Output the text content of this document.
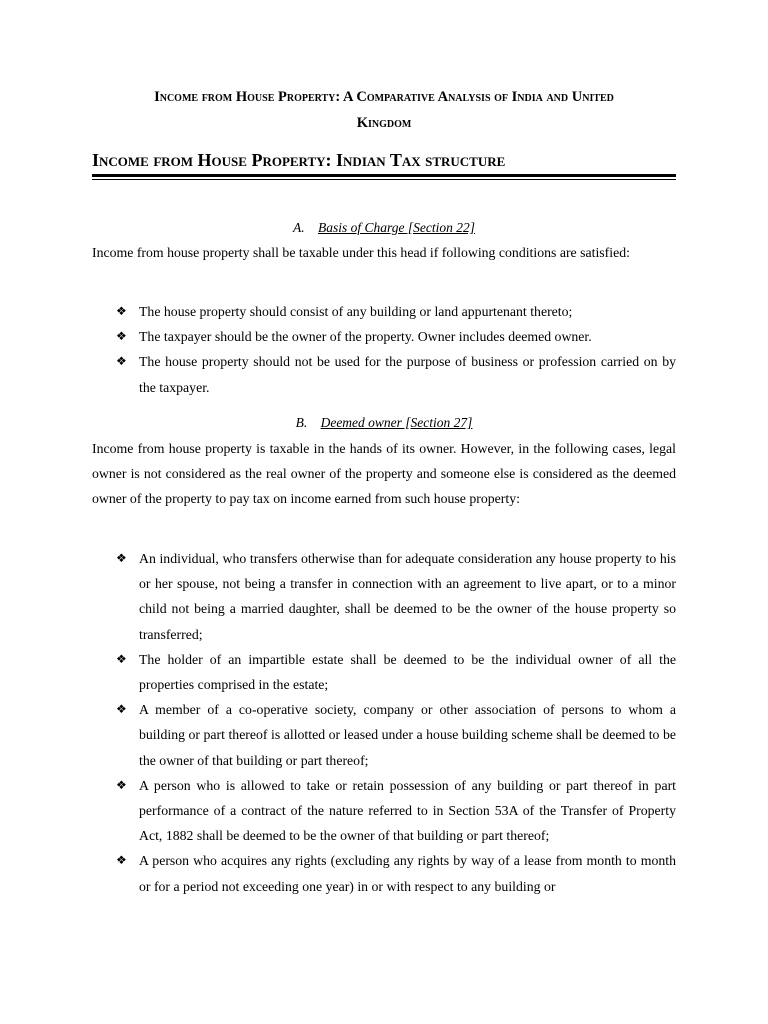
Income from House Property: A Comparative Analysis of India and United
Kingdom
Income from House Property: Indian Tax structure
A. Basis of Charge [Section 22]
Income from house property shall be taxable under this head if following conditions are satisfied:
❖ The house property should consist of any building or land appurtenant thereto;
❖ The taxpayer should be the owner of the property. Owner includes deemed owner.
❖ The house property should not be used for the purpose of business or profession carried on by the taxpayer.
B. Deemed owner [Section 27]
Income from house property is taxable in the hands of its owner. However, in the following cases, legal owner is not considered as the real owner of the property and someone else is considered as the deemed owner of the property to pay tax on income earned from such house property:
❖ An individual, who transfers otherwise than for adequate consideration any house property to his or her spouse, not being a transfer in connection with an agreement to live apart, or to a minor child not being a married daughter, shall be deemed to be the owner of the house property so transferred;
❖ The holder of an impartible estate shall be deemed to be the individual owner of all the properties comprised in the estate;
❖ A member of a co-operative society, company or other association of persons to whom a building or part thereof is allotted or leased under a house building scheme shall be deemed to be the owner of that building or part thereof;
❖ A person who is allowed to take or retain possession of any building or part thereof in part performance of a contract of the nature referred to in Section 53A of the Transfer of Property Act, 1882 shall be deemed to be the owner of that building or part thereof;
❖ A person who acquires any rights (excluding any rights by way of a lease from month to month or for a period not exceeding one year) in or with respect to any building or
